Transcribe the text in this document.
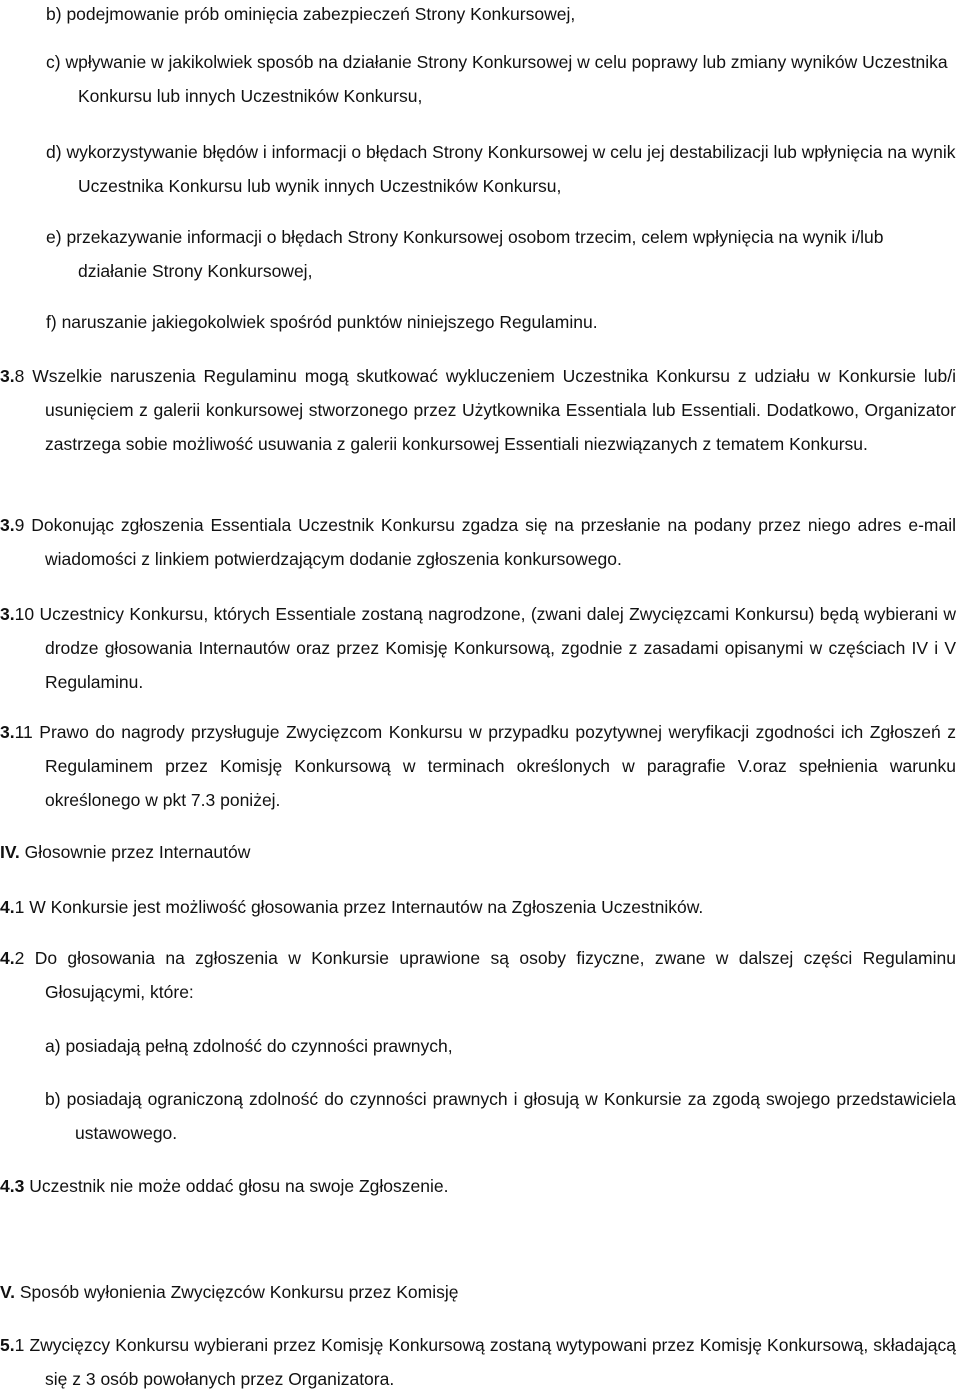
b) podejmowanie prób ominięcia zabezpieczeń Strony Konkursowej,
c) wpływanie w jakikolwiek sposób na działanie Strony Konkursowej w celu poprawy lub zmiany wyników Uczestnika Konkursu lub innych Uczestników Konkursu,
d) wykorzystywanie błędów i informacji o błędach Strony Konkursowej w celu jej destabilizacji lub wpłynięcia na wynik Uczestnika Konkursu lub wynik innych Uczestników Konkursu,
e) przekazywanie informacji o błędach Strony Konkursowej osobom trzecim, celem wpłynięcia na wynik i/lub działanie Strony Konkursowej,
f) naruszanie jakiegokolwiek spośród punktów niniejszego Regulaminu.
3.8 Wszelkie naruszenia Regulaminu mogą skutkować wykluczeniem Uczestnika Konkursu z udziału w Konkursie lub/i usunięciem z galerii konkursowej stworzonego przez Użytkownika Essentiala lub Essentiali. Dodatkowo, Organizator zastrzega sobie możliwość usuwania z galerii konkursowej Essentiali niezwiązanych z tematem Konkursu.
3.9 Dokonując zgłoszenia Essentiala Uczestnik Konkursu zgadza się na przesłanie na podany przez niego adres e-mail wiadomości z linkiem potwierdzającym dodanie zgłoszenia konkursowego.
3.10 Uczestnicy Konkursu, których Essentiale zostaną nagrodzone, (zwani dalej Zwycięzcami Konkursu) będą wybierani w drodze głosowania Internautów oraz przez Komisję Konkursową, zgodnie z zasadami opisanymi w częściach IV i V Regulaminu.
3.11 Prawo do nagrody przysługuje Zwycięzcom Konkursu w przypadku pozytywnej weryfikacji zgodności ich Zgłoszeń z Regulaminem przez Komisję Konkursową w terminach określonych w paragrafie V.oraz spełnienia warunku określonego w pkt 7.3 poniżej.
IV. Głosownie przez Internautów
4.1 W Konkursie jest możliwość głosowania przez Internautów na Zgłoszenia Uczestników.
4.2 Do głosowania na zgłoszenia w Konkursie uprawione są osoby fizyczne, zwane w dalszej części Regulaminu Głosującymi, które:
a) posiadają pełną zdolność do czynności prawnych,
b) posiadają ograniczoną zdolność do czynności prawnych i głosują w Konkursie za zgodą swojego przedstawiciela ustawowego.
4.3 Uczestnik nie może oddać głosu na swoje Zgłoszenie.
V. Sposób wyłonienia Zwycięzców Konkursu przez Komisję
5.1 Zwycięzcy Konkursu wybierani przez Komisję Konkursową zostaną wytypowani przez Komisję Konkursową, składającą się z 3 osób powołanych przez Organizatora.
